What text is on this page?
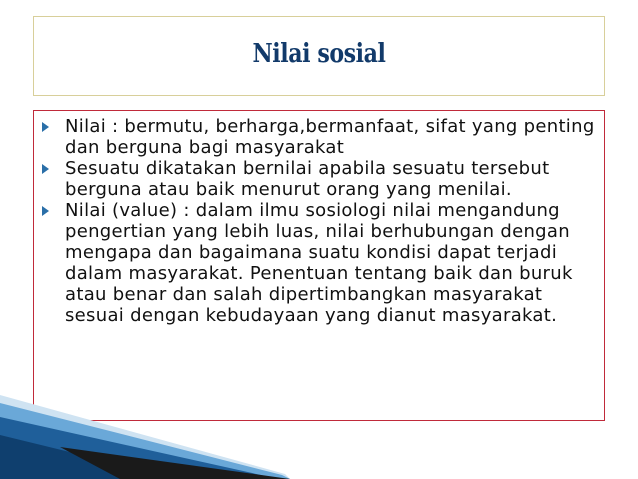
Nilai sosial
Nilai : bermutu, berharga,bermanfaat, sifat yang penting dan berguna bagi masyarakat
Sesuatu dikatakan bernilai apabila sesuatu tersebut berguna atau baik menurut orang yang menilai.
Nilai (value) : dalam ilmu sosiologi nilai mengandung pengertian yang lebih luas, nilai berhubungan dengan mengapa dan bagaimana suatu kondisi dapat terjadi dalam masyarakat. Penentuan tentang baik dan buruk atau benar dan salah dipertimbangkan masyarakat sesuai dengan kebudayaan yang dianut masyarakat.
